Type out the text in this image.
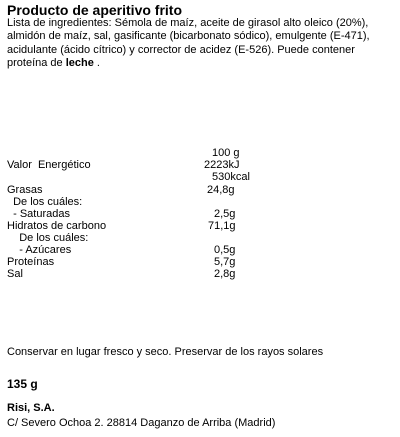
Producto de aperitivo frito
Lista de ingredientes: Sémola de maíz, aceite de girasol alto oleico (20%), almidón de maíz, sal, gasificante (bicarbonato sódico), emulgente (E-471), acidulante (ácido cítrico) y corrector de acidez (E-526). Puede contener proteína de leche .
100 g
Valor  Energético	2223kJ
530kcal
Grasas	24,8g
De los cuáles:
- Saturadas	2,5g
Hidratos de carbono	71,1g
De los cuáles:
- Azúcares	0,5g
Proteínas	5,7g
Sal	2,8g
Conservar en lugar fresco y seco. Preservar de los rayos solares
135 g
Risi, S.A.
C/ Severo Ochoa 2. 28814 Daganzo de Arriba (Madrid)
